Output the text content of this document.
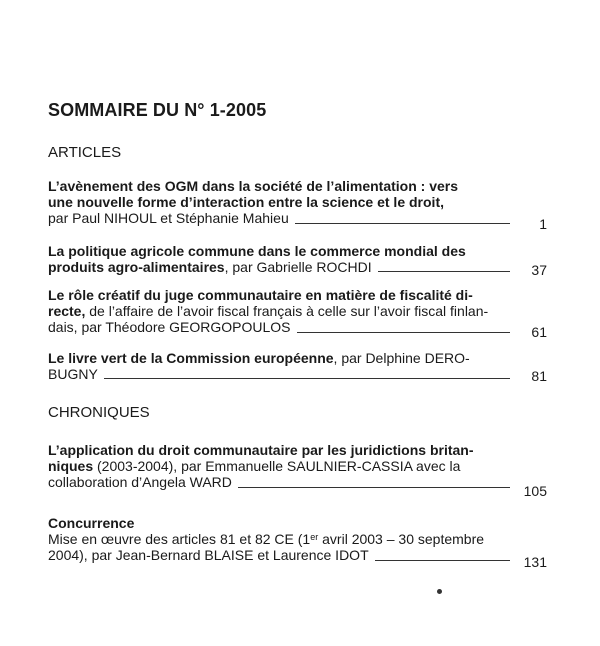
SOMMAIRE DU N° 1-2005
ARTICLES
L’avènement des OGM dans la société de l’alimentation : vers
une nouvelle forme d’interaction entre la science et le droit,
par Paul NIHOUL et Stéphanie Mahieu	1
La politique agricole commune dans le commerce mondial des
produits agro-alimentaires, par Gabrielle ROCHDI	37
Le rôle créatif du juge communautaire en matière de fiscalité di-
recte, de l’affaire de l’avoir fiscal français à celle sur l’avoir fiscal finlan-
dais, par Théodore GEORGOPOULOS	61
Le livre vert de la Commission européenne, par Delphine DERO-
BUGNY	81
CHRONIQUES
L’application du droit communautaire par les juridictions britan-
niques (2003-2004), par Emmanuelle SAULNIER-CASSIA avec la
collaboration d’Angela WARD
105
Concurrence
Mise en œuvre des articles 81 et 82 CE (1er avril 2003 – 30 septembre
2004), par Jean-Bernard BLAISE et Laurence IDOT	131
